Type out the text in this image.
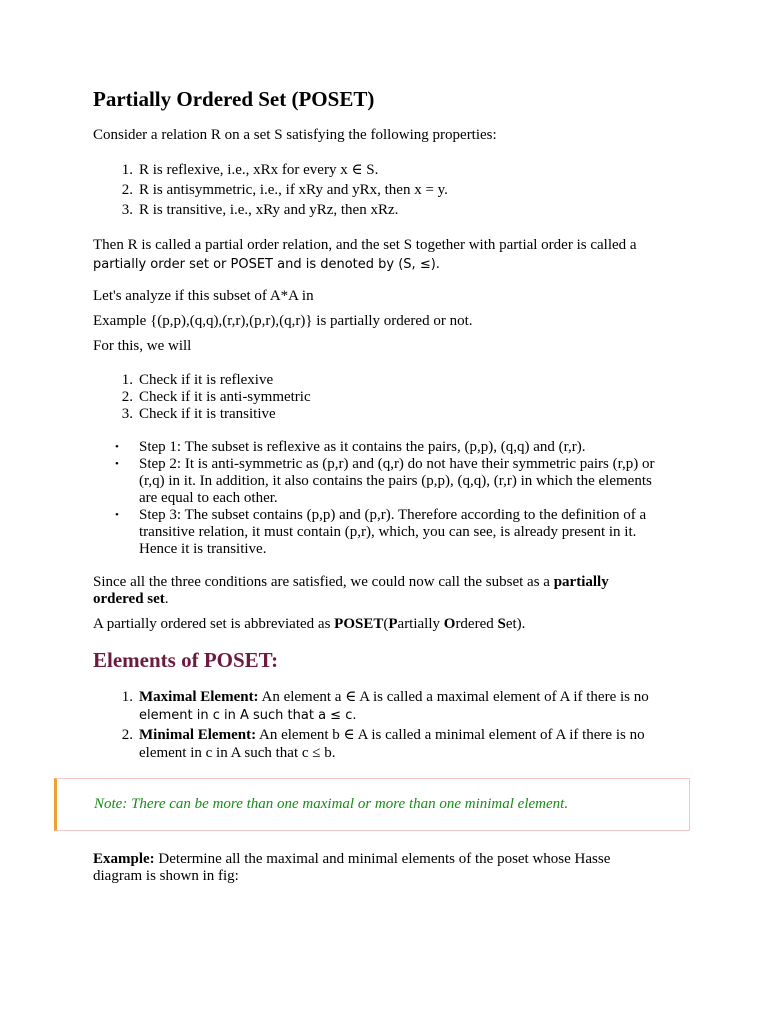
Partially Ordered Set (POSET)
Consider a relation R on a set S satisfying the following properties:
1. R is reflexive, i.e., xRx for every x ∈ S.
2. R is antisymmetric, i.e., if xRy and yRx, then x = y.
3. R is transitive, i.e., xRy and yRz, then xRz.
Then R is called a partial order relation, and the set S together with partial order is called a
partially order set or POSET and is denoted by (S, ≤).
Let's analyze if this subset of A*A in
Example {(p,p),(q,q),(r,r),(p,r),(q,r)} is partially ordered or not.
For this, we will
1. Check if it is reflexive
2. Check if it is anti-symmetric
3. Check if it is transitive
• Step 1: The subset is reflexive as it contains the pairs, (p,p), (q,q) and (r,r).
• Step 2: It is anti-symmetric as (p,r) and (q,r) do not have their symmetric pairs (r,p) or
(r,q) in it. In addition, it also contains the pairs (p,p), (q,q), (r,r) in which the elements
are equal to each other.
• Step 3: The subset contains (p,p) and (p,r). Therefore according to the definition of a
transitive relation, it must contain (p,r), which, you can see, is already present in it.
Hence it is transitive.
Since all the three conditions are satisfied, we could now call the subset as a partially
ordered set.
A partially ordered set is abbreviated as POSET(Partially Ordered Set).
Elements of POSET:
1. Maximal Element: An element a ∈ A is called a maximal element of A if there is no
element in c in A such that a ≤ c.
2. Minimal Element: An element b ∈ A is called a minimal element of A if there is no
element in c in A such that c ≤ b.
Example: Determine all the maximal and minimal elements of the poset whose Hasse
diagram is shown in fig:
Note: There can be more than one maximal or more than one minimal element.
